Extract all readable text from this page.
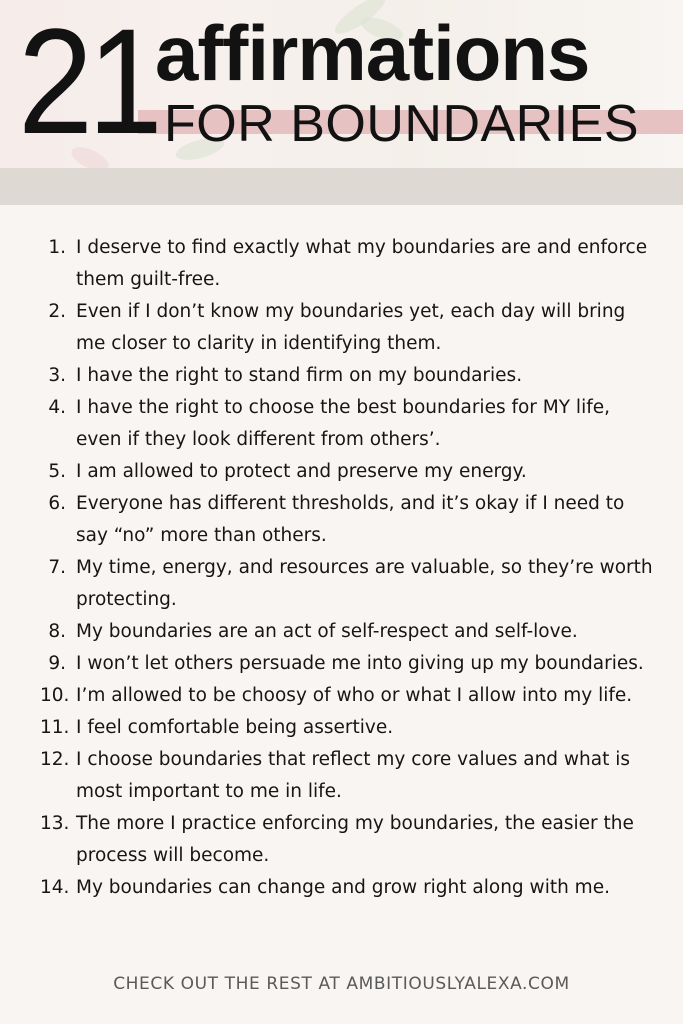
21
affirmations
FOR BOUNDARIES
1. I deserve to find exactly what my boundaries are and enforce them guilt-free.
2. Even if I don’t know my boundaries yet, each day will bring me closer to clarity in identifying them.
3. I have the right to stand firm on my boundaries.
4. I have the right to choose the best boundaries for MY life, even if they look different from others’.
5. I am allowed to protect and preserve my energy.
6. Everyone has different thresholds, and it’s okay if I need to say “no” more than others.
7. My time, energy, and resources are valuable, so they’re worth protecting.
8. My boundaries are an act of self-respect and self-love.
9. I won’t let others persuade me into giving up my boundaries.
10. I’m allowed to be choosy of who or what I allow into my life.
11. I feel comfortable being assertive.
12. I choose boundaries that reflect my core values and what is most important to me in life.
13. The more I practice enforcing my boundaries, the easier the process will become.
14. My boundaries can change and grow right along with me.
CHECK OUT THE REST AT AMBITIOUSLYALEXA.COM
